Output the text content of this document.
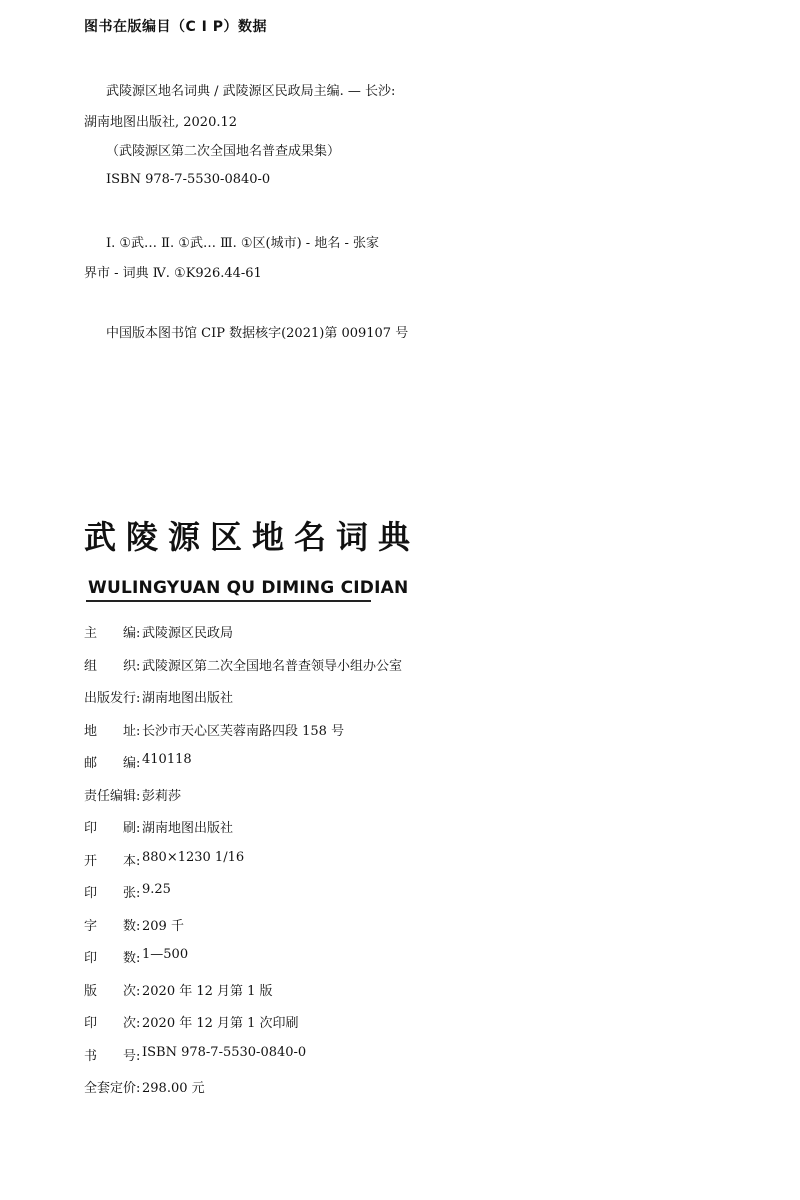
图书在版编目（C I P）数据
武陵源区地名词典 / 武陵源区民政局主编. — 长沙:
湖南地图出版社, 2020.12
（武陵源区第二次全国地名普查成果集）
ISBN 978-7-5530-0840-0
Ⅰ. ①武… Ⅱ. ①武… Ⅲ. ①区(城市) - 地名 - 张家
界市 - 词典 Ⅳ. ①K926.44-61
中国版本图书馆 CIP 数据核字(2021)第 009107 号
武陵源区地名词典
WULINGYUAN QU DIMING CIDIAN
主　　编: 武陵源区民政局
组　　织: 武陵源区第二次全国地名普查领导小组办公室
出版发行: 湖南地图出版社
地　　址: 长沙市天心区芙蓉南路四段 158 号
邮　　编: 410118
责任编辑: 彭莉莎
印　　刷: 湖南地图出版社
开　　本: 880×1230 1/16
印　　张: 9.25
字　　数: 209 千
印　　数: 1—500
版　　次: 2020 年 12 月第 1 版
印　　次: 2020 年 12 月第 1 次印刷
书　　号: ISBN 978-7-5530-0840-0
全套定价: 298.00 元
